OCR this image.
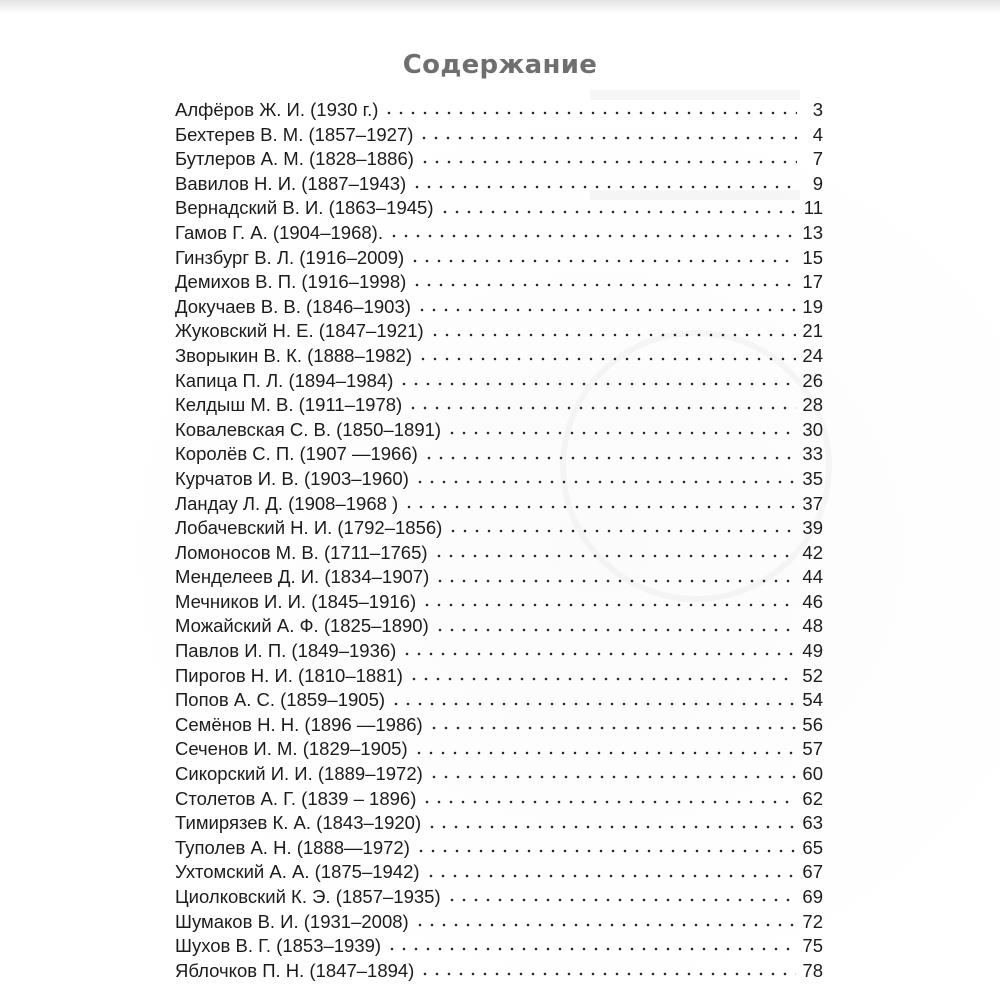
Содержание
Алфёров Ж. И. (1930 г.)	3
Бехтерев В. М. (1857–1927)	4
Бутлеров А. М. (1828–1886)	7
Вавилов Н. И. (1887–1943)	9
Вернадский В. И. (1863–1945)	11
Гамов Г. А. (1904–1968).	13
Гинзбург В. Л. (1916–2009)	15
Демихов В. П. (1916–1998)	17
Докучаев В. В. (1846–1903)	19
Жуковский Н. Е. (1847–1921)	21
Зворыкин В. К. (1888–1982)	24
Капица П. Л. (1894–1984)	26
Келдыш М. В. (1911–1978)	28
Ковалевская С. В. (1850–1891)	30
Королёв С. П. (1907 —1966)	33
Курчатов И. В. (1903–1960)	35
Ландау Л. Д. (1908–1968 )	37
Лобачевский Н. И. (1792–1856)	39
Ломоносов М. В. (1711–1765)	42
Менделеев Д. И. (1834–1907)	44
Мечников И. И. (1845–1916)	46
Можайский А. Ф. (1825–1890)	48
Павлов И. П. (1849–1936)	49
Пирогов Н. И. (1810–1881)	52
Попов А. С. (1859–1905)	54
Семёнов Н. Н. (1896 —1986)	56
Сеченов И. М. (1829–1905)	57
Сикорский И. И. (1889–1972)	60
Столетов А. Г. (1839 – 1896)	62
Тимирязев К. А. (1843–1920)	63
Туполев А. Н. (1888—1972)	65
Ухтомский А. А. (1875–1942)	67
Циолковский К. Э. (1857–1935)	69
Шумаков В. И. (1931–2008)	72
Шухов В. Г. (1853–1939)	75
Яблочков П. Н. (1847–1894)	78
